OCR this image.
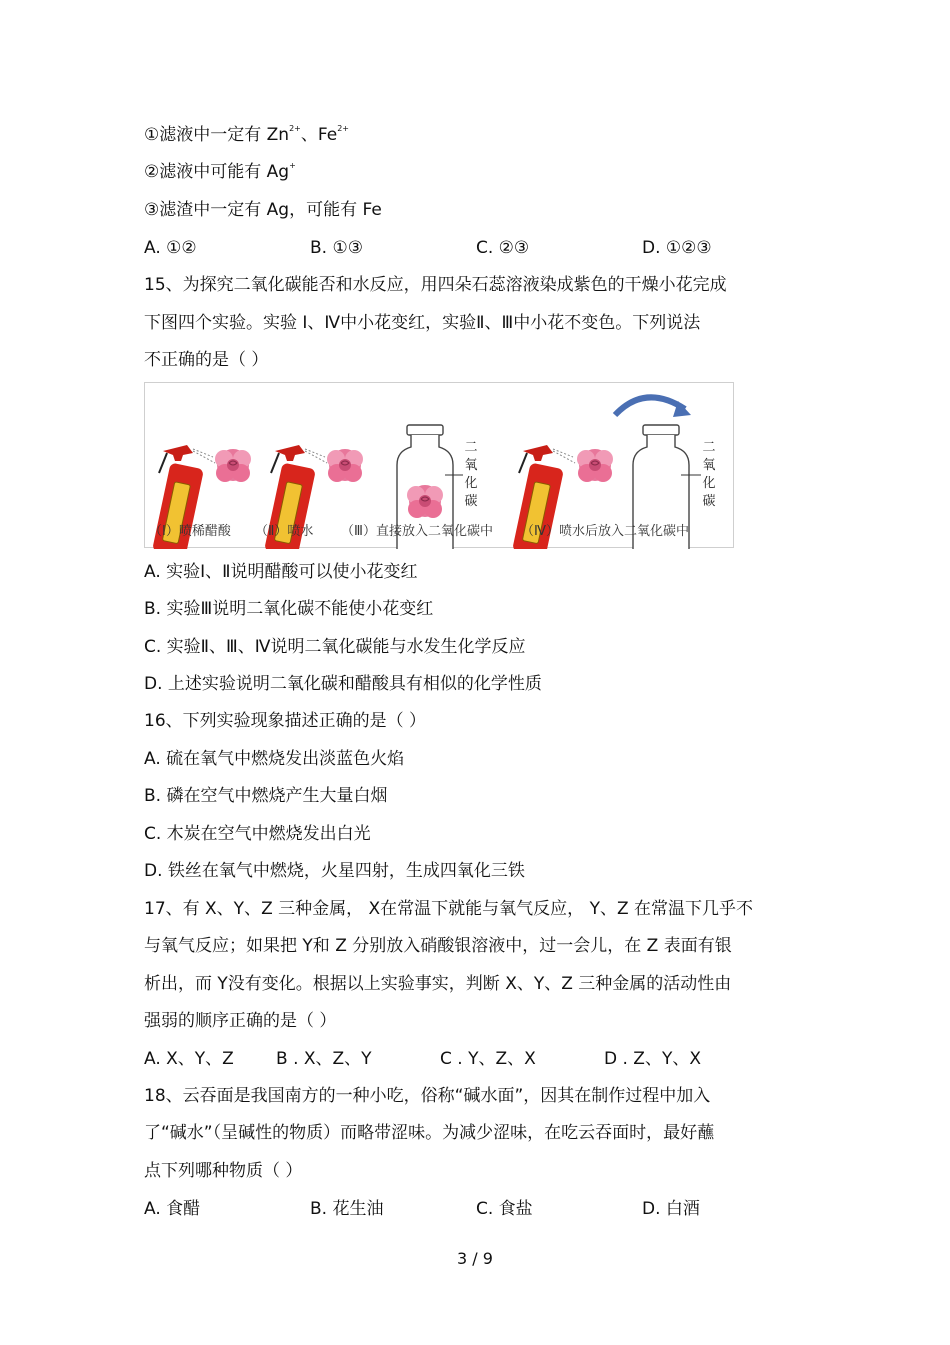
①滤液中一定有 $Zn^{2+}$、$Fe^{2+}$
②滤液中可能有 Ag+
③滤渣中一定有 Ag，可能有 Fe
A. ①②	B. ①③	C. ②③	D. ①②③
15、为探究二氧化碳能否和水反应，用四朵石蕊溶液染成紫色的干燥小花完成
下图四个实验。实验 Ⅰ、Ⅳ中小花变红，实验Ⅱ、Ⅲ中小花不变色。下列说法
不正确的是（ ）
二氧化碳
二氧化碳
（Ⅰ）喷稀醋酸 （Ⅱ）喷水 （Ⅲ）直接放入二氧化碳中 （Ⅳ）喷水后放入二氧化碳中
A. 实验Ⅰ、Ⅱ说明醋酸可以使小花变红
B. 实验Ⅲ说明二氧化碳不能使小花变红
C. 实验Ⅱ、Ⅲ、Ⅳ说明二氧化碳能与水发生化学反应
D. 上述实验说明二氧化碳和醋酸具有相似的化学性质
16、下列实验现象描述正确的是（ ）
A. 硫在氧气中燃烧发出淡蓝色火焰
B. 磷在空气中燃烧产生大量白烟
C. 木炭在空气中燃烧发出白光
D. 铁丝在氧气中燃烧，火星四射，生成四氧化三铁
17、有 X、Y、Z 三种金属， X在常温下就能与氧气反应， Y、Z 在常温下几乎不
与氧气反应；如果把 Y和 Z 分别放入硝酸银溶液中，过一会儿，在 Z 表面有银
析出，而 Y没有变化。根据以上实验事实，判断 X、Y、Z 三种金属的活动性由
强弱的顺序正确的是（ ）
A. X、Y、Z B . X、Z、Y	C . Y、Z、X	D . Z、Y、X
18、云吞面是我国南方的一种小吃，俗称“碱水面”，因其在制作过程中加入
了“碱水”（呈碱性的物质）而略带涩味。为减少涩味，在吃云吞面时，最好蘸
点下列哪种物质（ ）
A. 食醋	B. 花生油	C. 食盐	D. 白酒
3 / 9
